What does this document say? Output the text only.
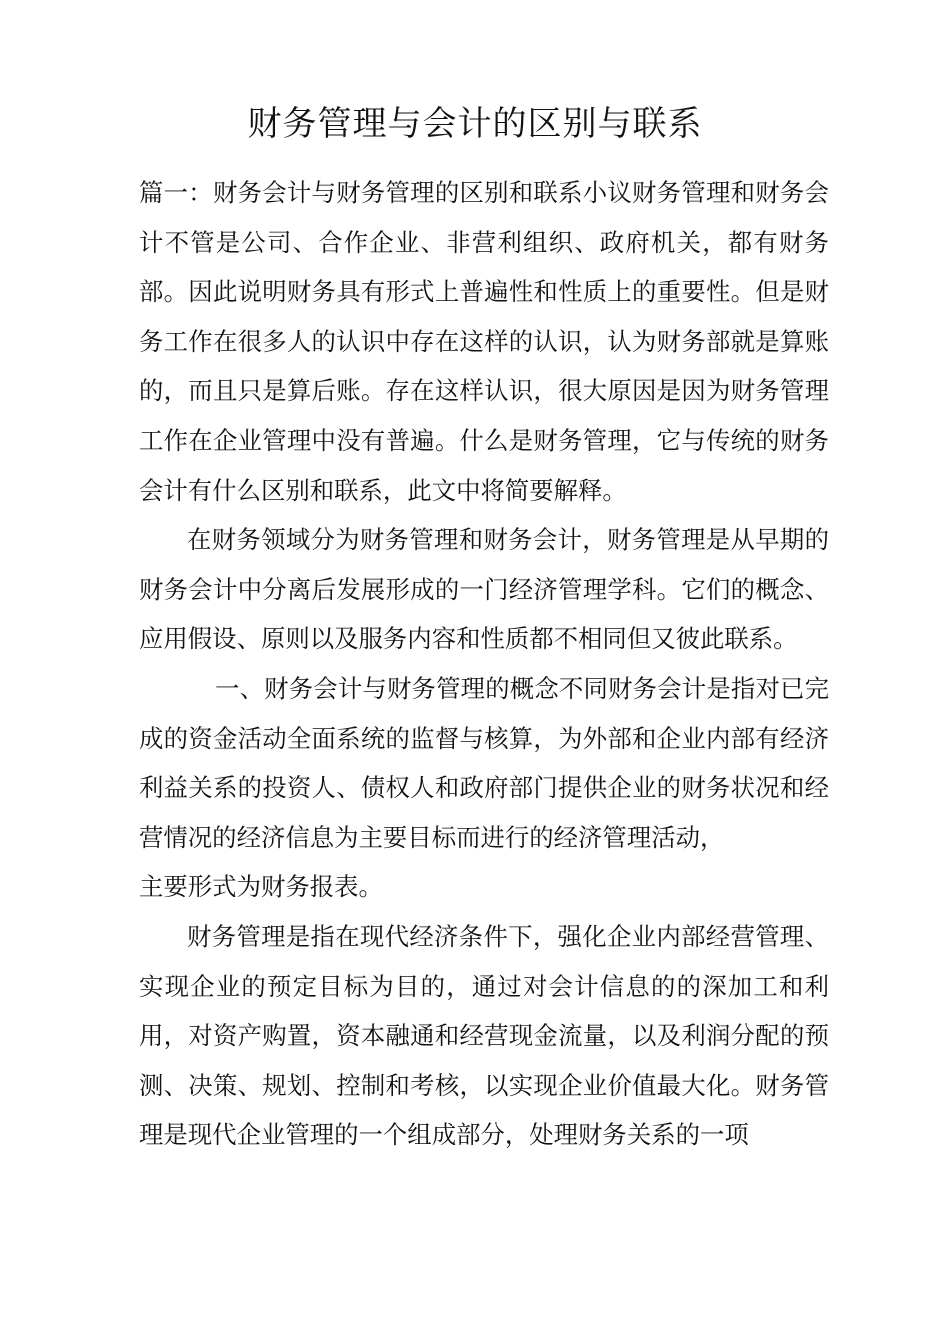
财务管理与会计的区别与联系

篇一：财务会计与财务管理的区别和联系小议财务管理和财务会计不管是公司、合作企业、非营利组织、政府机关，都有财务部。因此说明财务具有形式上普遍性和性质上的重要性。但是财务工作在很多人的认识中存在这样的认识，认为财务部就是算账的，而且只是算后账。存在这样认识，很大原因是因为财务管理工作在企业管理中没有普遍。什么是财务管理，它与传统的财务会计有什么区别和联系，此文中将简要解释。

在财务领域分为财务管理和财务会计，财务管理是从早期的财务会计中分离后发展形成的一门经济管理学科。它们的概念、应用假设、原则以及服务内容和性质都不相同但又彼此联系。

一、财务会计与财务管理的概念不同财务会计是指对已完成的资金活动全面系统的监督与核算，为外部和企业内部有经济利益关系的投资人、债权人和政府部门提供企业的财务状况和经营情况的经济信息为主要目标而进行的经济管理活动，

主要形式为财务报表。

财务管理是指在现代经济条件下，强化企业内部经营管理、实现企业的预定目标为目的，通过对会计信息的的深加工和利用，对资产购置，资本融通和经营现金流量，以及利润分配的预测、决策、规划、控制和考核，以实现企业价值最大化。财务管理是现代企业管理的一个组成部分，处理财务关系的一项
